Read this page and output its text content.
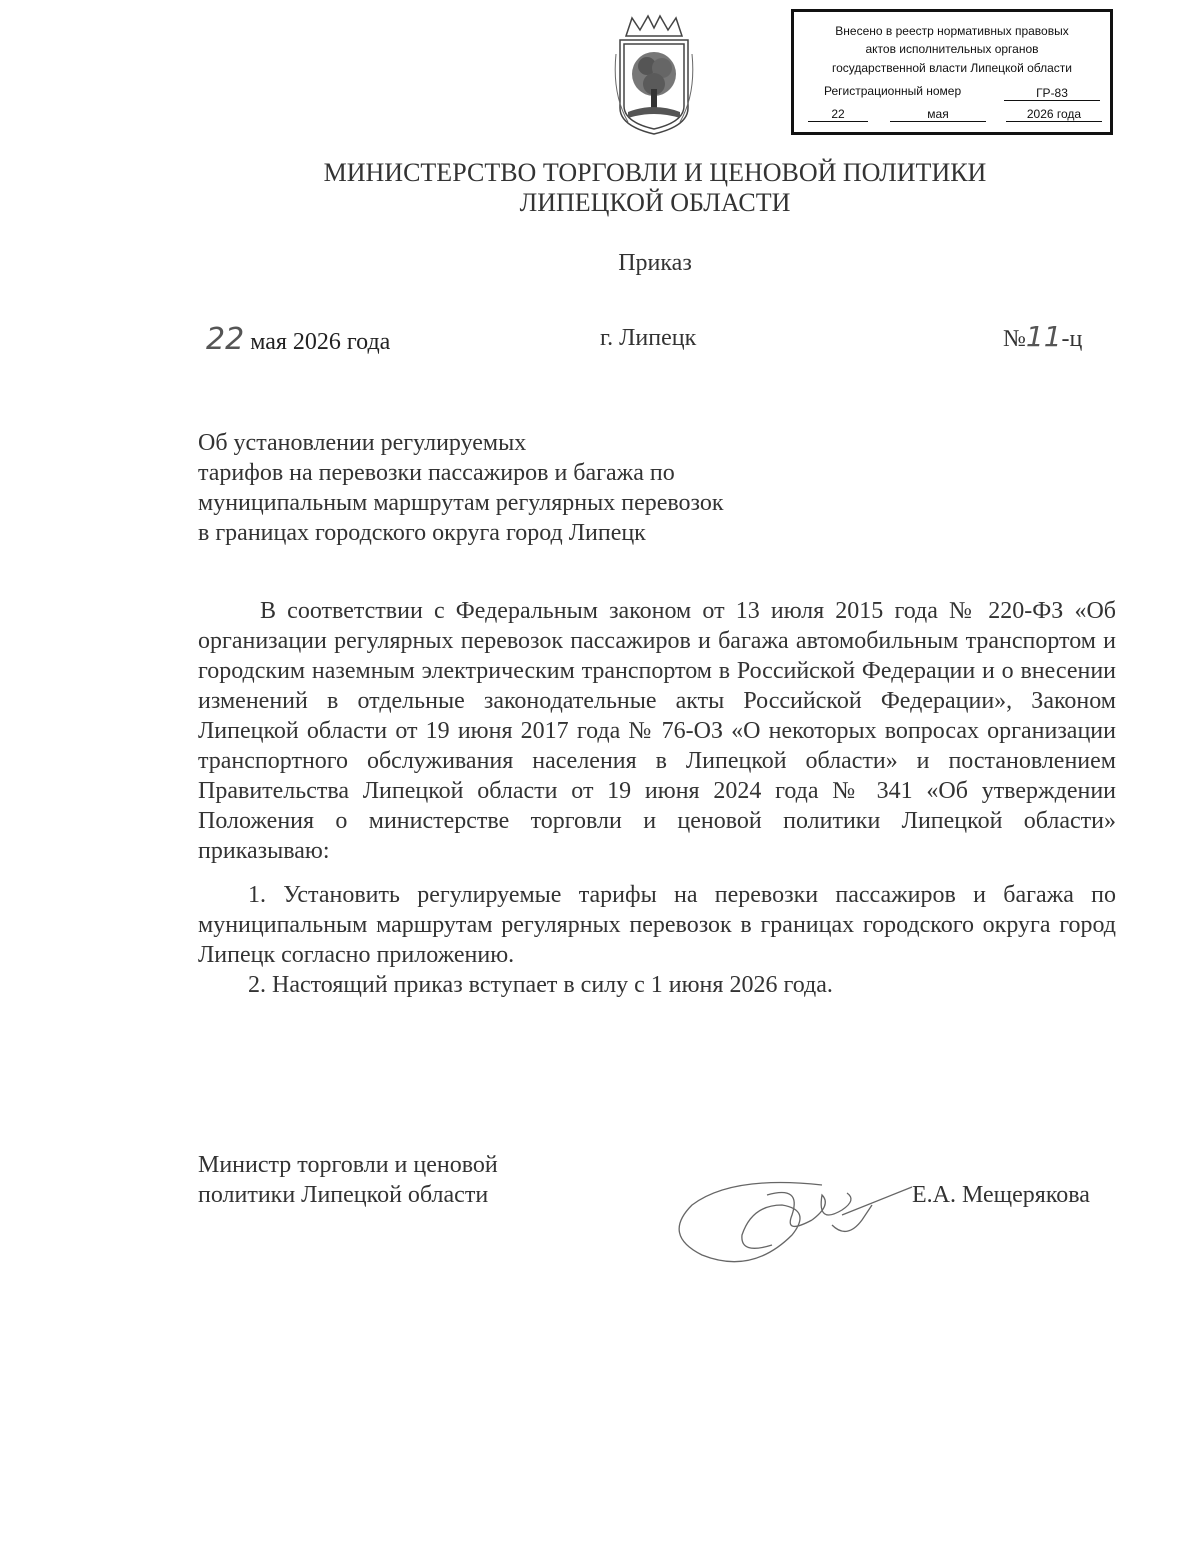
Внесено в реестр нормативных правовых
актов исполнительных органов
государственной власти Липецкой области
Регистрационный номер	ГР-83
22	мая	2026 года
МИНИСТЕРСТВО ТОРГОВЛИ И ЦЕНОВОЙ ПОЛИТИКИ
ЛИПЕЦКОЙ ОБЛАСТИ
Приказ
22 мая 2026 года	г. Липецк	№11-ц
Об установлении регулируемых
тарифов на перевозки пассажиров и багажа по
муниципальным маршрутам регулярных перевозок
в границах городского округа город Липецк

В соответствии с Федеральным законом от 13 июля 2015 года № 220-ФЗ «Об организации регулярных перевозок пассажиров и багажа автомобильным транспортом и городским наземным электрическим транспортом в Российской Федерации и о внесении изменений в отдельные законодательные акты Российской Федерации», Законом Липецкой области от 19 июня 2017 года № 76-ОЗ «О некоторых вопросах организации транспортного обслуживания населения в Липецкой области» и постановлением Правительства Липецкой области от 19 июня 2024 года № 341 «Об утверждении Положения о министерстве торговли и ценовой политики Липецкой области» приказываю:

1. Установить регулируемые тарифы на перевозки пассажиров и багажа по муниципальным маршрутам регулярных перевозок в границах городского округа город Липецк согласно приложению.

2. Настоящий приказ вступает в силу с 1 июня 2026 года.

Министр торговли и ценовой
политики Липецкой области	Е.А. Мещерякова
